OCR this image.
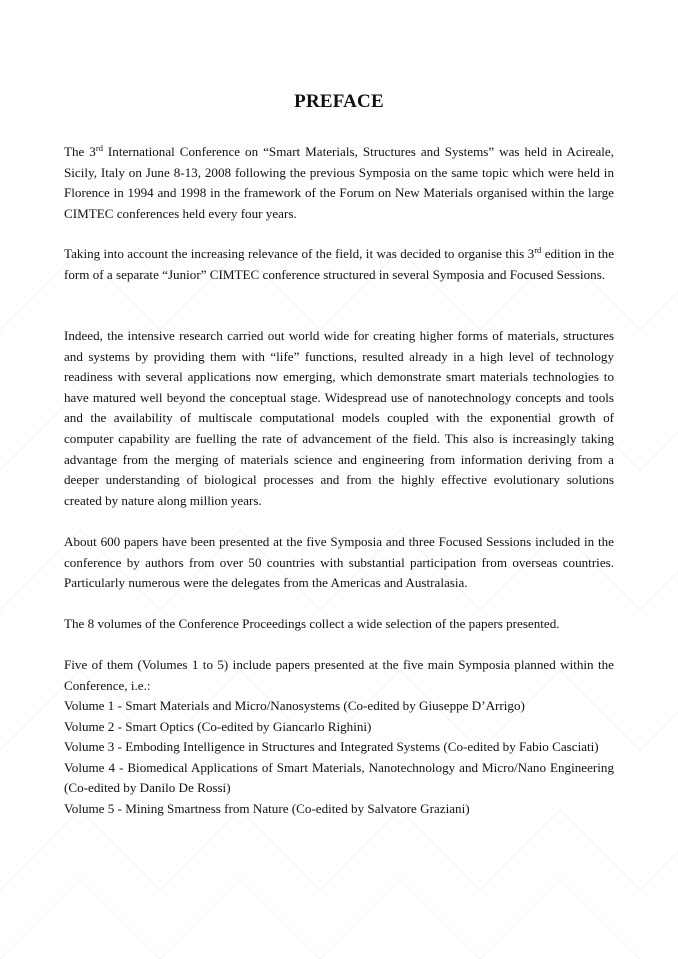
PREFACE

The 3rd International Conference on “Smart Materials, Structures and Systems” was held in Acireale, Sicily, Italy on June 8-13, 2008 following the previous Symposia on the same topic which were held in Florence in 1994 and 1998 in the framework of the Forum on New Materials organised within the large CIMTEC conferences held every four years.

Taking into account the increasing relevance of the field, it was decided to organise this 3rd edition in the form of a separate “Junior” CIMTEC conference structured in several Symposia and Focused Sessions.

Indeed, the intensive research carried out world wide for creating higher forms of materials, structures and systems by providing them with “life” functions, resulted already in a high level of technology readiness with several applications now emerging, which demonstrate smart materials technologies to have matured well beyond the conceptual stage. Widespread use of nanotechnology concepts and tools and the availability of multiscale computational models coupled with the exponential growth of computer capability are fuelling the rate of advancement of the field. This also is increasingly taking advantage from the merging of materials science and engineering from information deriving from a deeper understanding of biological processes and from the highly effective evolutionary solutions created by nature along million years.

About 600 papers have been presented at the five Symposia and three Focused Sessions included in the conference by authors from over 50 countries with substantial participation from overseas countries. Particularly numerous were the delegates from the Americas and Australasia.

The 8 volumes of the Conference Proceedings collect a wide selection of the papers presented.

Five of them (Volumes 1 to 5) include papers presented at the five main Symposia planned within the Conference, i.e.:

Volume 1 - Smart Materials and Micro/Nanosystems (Co-edited by Giuseppe D’Arrigo)
Volume 2 - Smart Optics (Co-edited by Giancarlo Righini)
Volume 3 - Emboding Intelligence in Structures and Integrated Systems (Co-edited by Fabio Casciati)
Volume 4 - Biomedical Applications of Smart Materials, Nanotechnology and Micro/Nano Engineering (Co-edited by Danilo De Rossi)
Volume 5 - Mining Smartness from Nature (Co-edited by Salvatore Graziani)
